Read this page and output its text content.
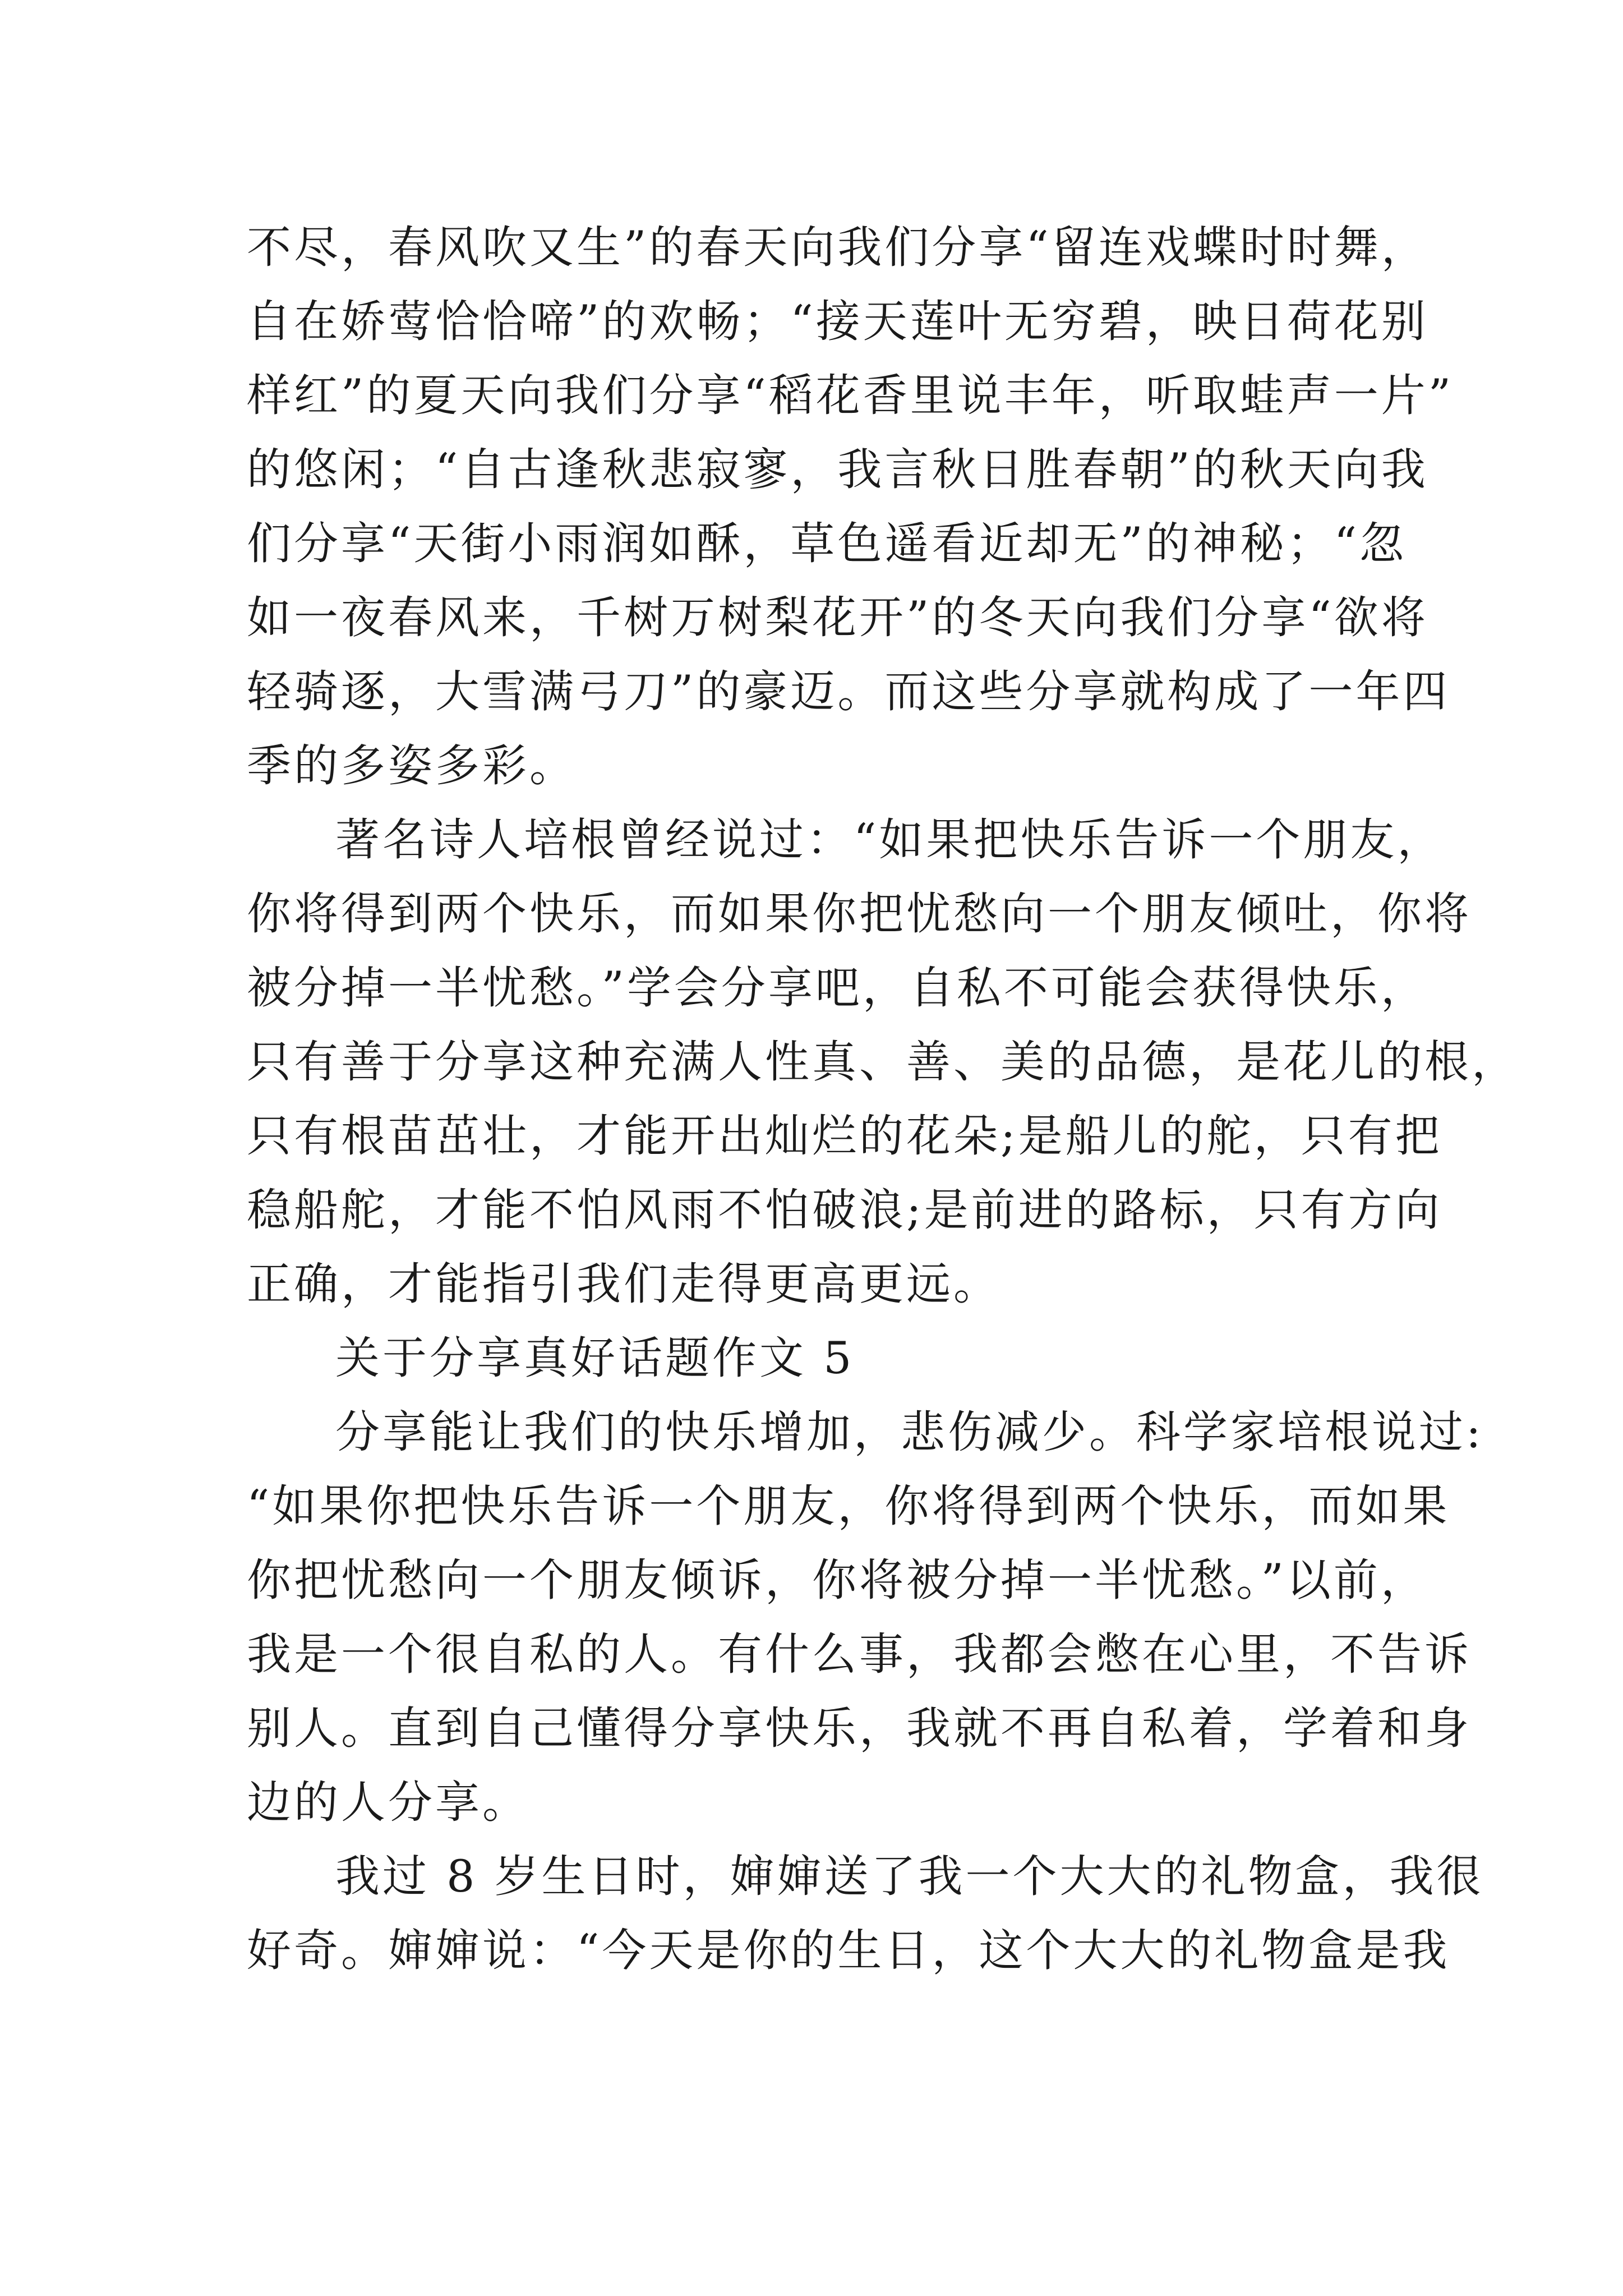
不尽，春风吹又生”的春天向我们分享“留连戏蝶时时舞，
自在娇莺恰恰啼”的欢畅；“接天莲叶无穷碧，映日荷花别
样红”的夏天向我们分享“稻花香里说丰年，听取蛙声一片”
的悠闲；“自古逢秋悲寂寥，我言秋日胜春朝”的秋天向我
们分享“天街小雨润如酥，草色遥看近却无”的神秘；“忽
如一夜春风来，千树万树梨花开”的冬天向我们分享“欲将
轻骑逐，大雪满弓刀”的豪迈。而这些分享就构成了一年四
季的多姿多彩。
著名诗人培根曾经说过：“如果把快乐告诉一个朋友，
你将得到两个快乐，而如果你把忧愁向一个朋友倾吐，你将
被分掉一半忧愁。”学会分享吧，自私不可能会获得快乐，
只有善于分享这种充满人性真、善、美的品德，是花儿的根，
只有根苗茁壮，才能开出灿烂的花朵;是船儿的舵，只有把
稳船舵，才能不怕风雨不怕破浪;是前进的路标，只有方向
正确，才能指引我们走得更高更远。
关于分享真好话题作文 5
分享能让我们的快乐增加，悲伤减少。科学家培根说过:
“如果你把快乐告诉一个朋友，你将得到两个快乐，而如果
你把忧愁向一个朋友倾诉，你将被分掉一半忧愁。”以前，
我是一个很自私的人。有什么事，我都会憋在心里，不告诉
别人。直到自己懂得分享快乐，我就不再自私着，学着和身
边的人分享。
我过 8 岁生日时，婶婶送了我一个大大的礼物盒，我很
好奇。婶婶说：“今天是你的生日，这个大大的礼物盒是我
